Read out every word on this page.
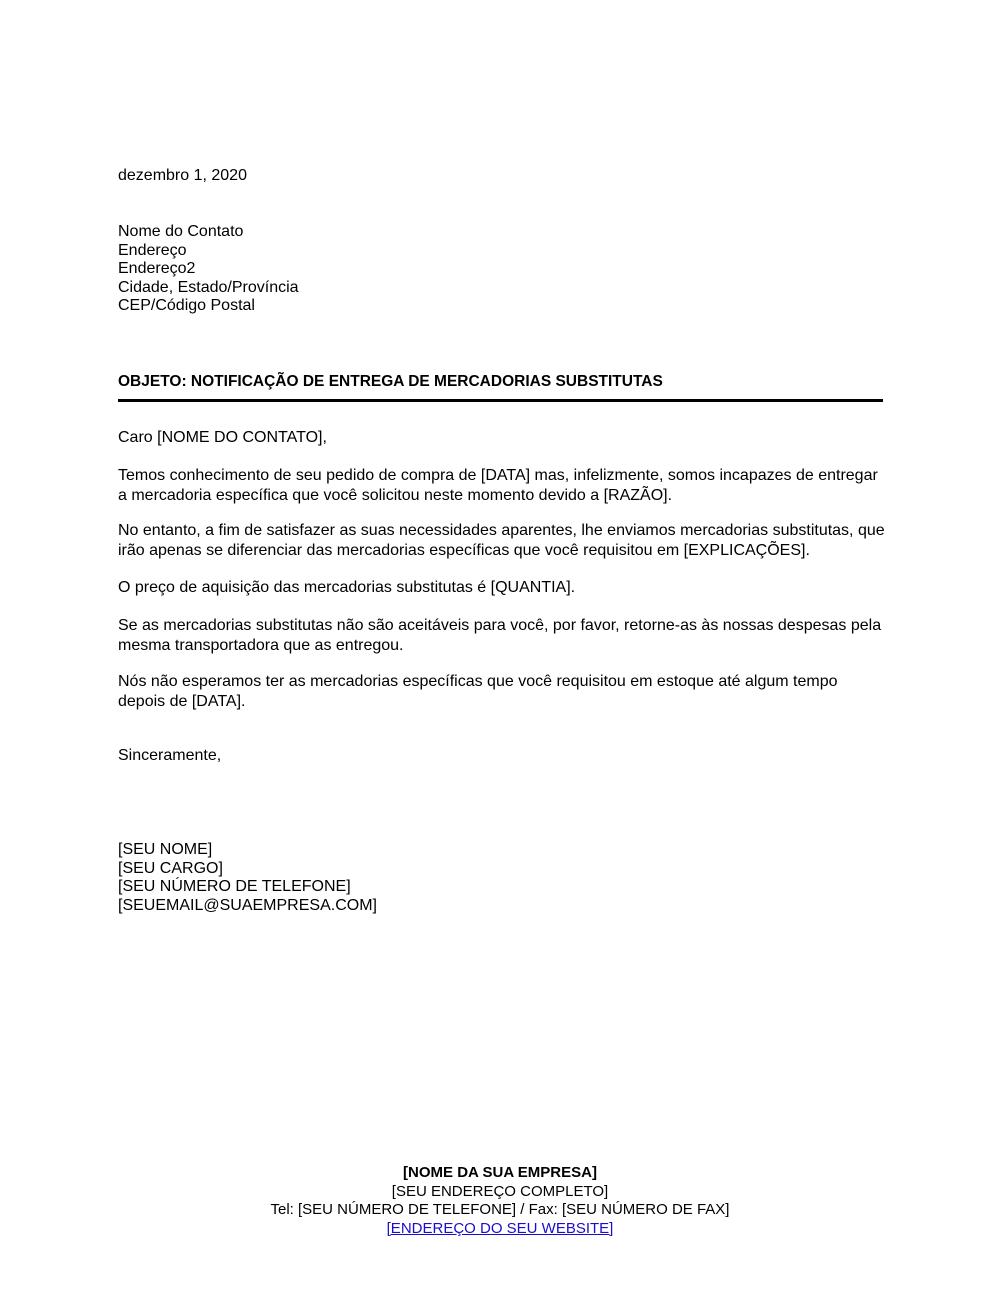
dezembro 1, 2020
Nome do Contato
Endereço
Endereço2
Cidade, Estado/Província
CEP/Código Postal
OBJETO: NOTIFICAÇÃO DE ENTREGA DE MERCADORIAS SUBSTITUTAS
Caro [NOME DO CONTATO],
Temos conhecimento de seu pedido de compra de [DATA] mas, infelizmente, somos incapazes de entregar a mercadoria específica que você solicitou neste momento devido a [RAZÃO].
No entanto, a fim de satisfazer as suas necessidades aparentes, lhe enviamos mercadorias substitutas, que irão apenas se diferenciar das mercadorias específicas que você requisitou em [EXPLICAÇÕES].
O preço de aquisição das mercadorias substitutas é [QUANTIA].
Se as mercadorias substitutas não são aceitáveis para você, por favor, retorne-as às nossas despesas pela mesma transportadora que as entregou.
Nós não esperamos ter as mercadorias específicas que você requisitou em estoque até algum tempo depois de [DATA].
Sinceramente,
[SEU NOME]
[SEU CARGO]
[SEU NÚMERO DE TELEFONE]
[SEUEMAIL@SUAEMPRESA.COM]
[NOME DA SUA EMPRESA]
[SEU ENDEREÇO COMPLETO]
Tel: [SEU NÚMERO DE TELEFONE] / Fax: [SEU NÚMERO DE FAX]
[ENDEREÇO DO SEU WEBSITE]
